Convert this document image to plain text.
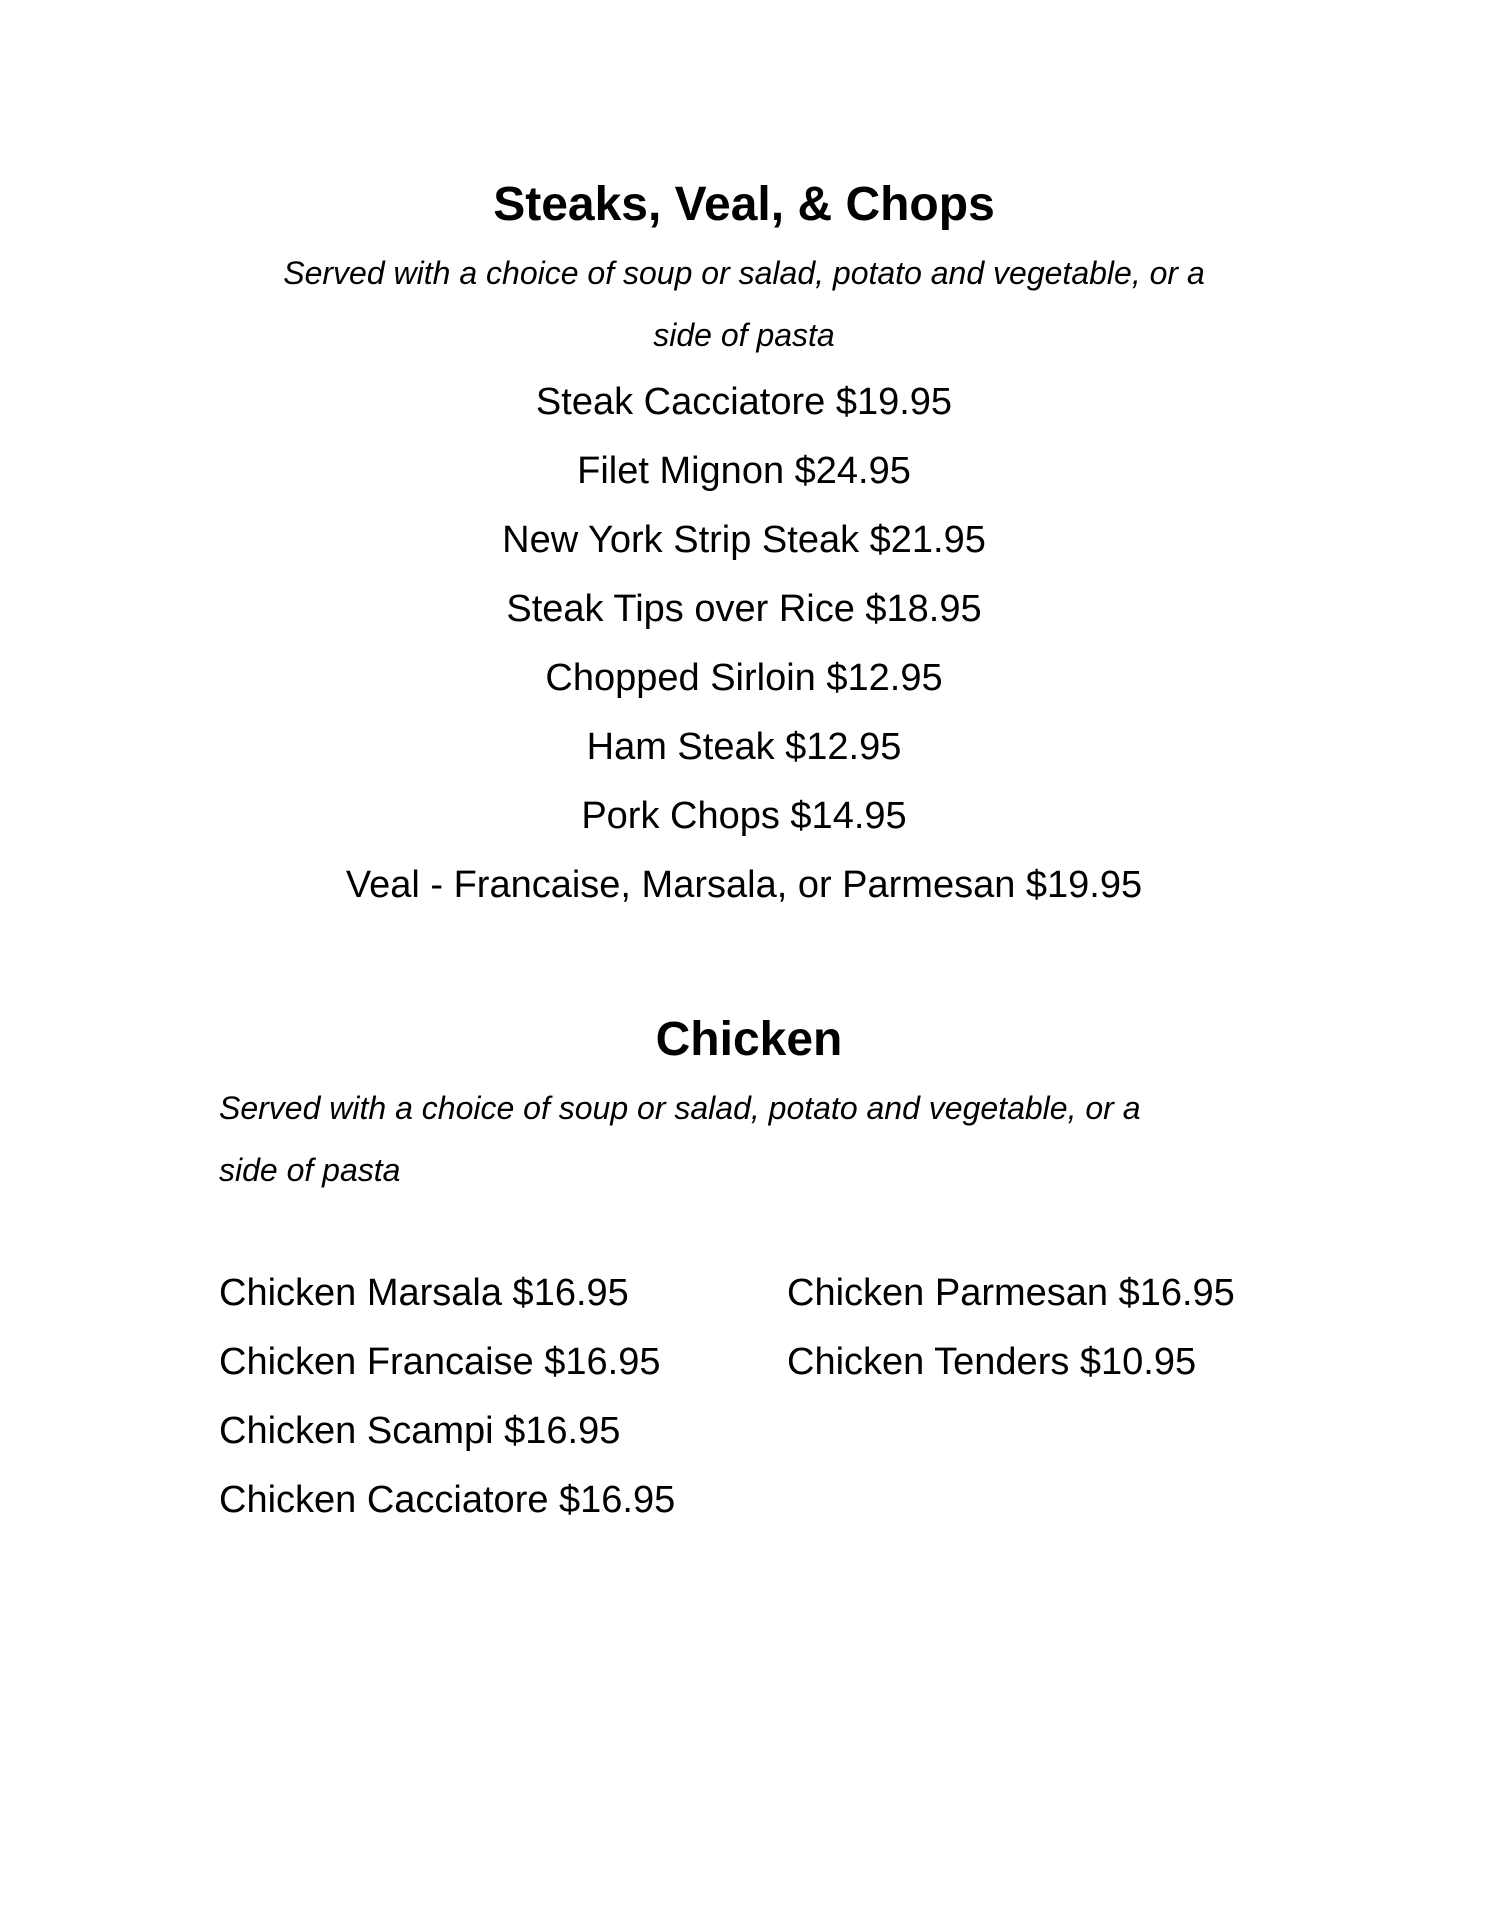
Steaks, Veal, & Chops
Served with a choice of soup or salad, potato and vegetable, or a
side of pasta

Steak Cacciatore $19.95

Filet Mignon $24.95

New York Strip Steak $21.95

Steak Tips over Rice $18.95

Chopped Sirloin $12.95

Ham Steak $12.95

Pork Chops $14.95

Veal - Francaise, Marsala, or Parmesan $19.95

Chicken
Served with a choice of soup or salad, potato and vegetable, or a
side of pasta

Chicken Marsala $16.95

Chicken Francaise $16.95

Chicken Scampi $16.95

Chicken Cacciatore $16.95

Chicken Parmesan $16.95

Chicken Tenders $10.95
